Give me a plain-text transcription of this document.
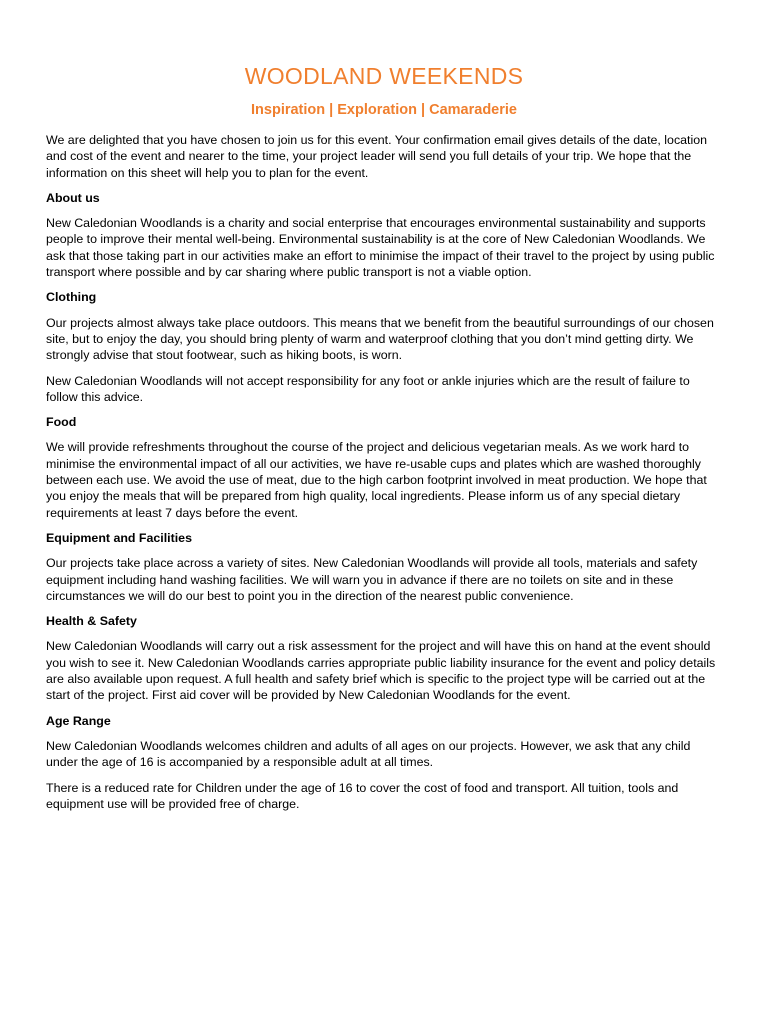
WOODLAND WEEKENDS
Inspiration | Exploration | Camaraderie

We are delighted that you have chosen to join us for this event. Your confirmation email gives details of the date, location and cost of the event and nearer to the time, your project leader will send you full details of your trip. We hope that the information on this sheet will help you to plan for the event.

About us

New Caledonian Woodlands is a charity and social enterprise that encourages environmental sustainability and supports people to improve their mental well-being. Environmental sustainability is at the core of New Caledonian Woodlands. We ask that those taking part in our activities make an effort to minimise the impact of their travel to the project by using public transport where possible and by car sharing where public transport is not a viable option.

Clothing

Our projects almost always take place outdoors. This means that we benefit from the beautiful surroundings of our chosen site, but to enjoy the day, you should bring plenty of warm and waterproof clothing that you don’t mind getting dirty. We strongly advise that stout footwear, such as hiking boots, is worn.

New Caledonian Woodlands will not accept responsibility for any foot or ankle injuries which are the result of failure to follow this advice.

Food

We will provide refreshments throughout the course of the project and delicious vegetarian meals. As we work hard to minimise the environmental impact of all our activities, we have re-usable cups and plates which are washed thoroughly between each use. We avoid the use of meat, due to the high carbon footprint involved in meat production. We hope that you enjoy the meals that will be prepared from high quality, local ingredients. Please inform us of any special dietary requirements at least 7 days before the event.

Equipment and Facilities

Our projects take place across a variety of sites. New Caledonian Woodlands will provide all tools, materials and safety equipment including hand washing facilities. We will warn you in advance if there are no toilets on site and in these circumstances we will do our best to point you in the direction of the nearest public convenience.

Health & Safety

New Caledonian Woodlands will carry out a risk assessment for the project and will have this on hand at the event should you wish to see it. New Caledonian Woodlands carries appropriate public liability insurance for the event and policy details are also available upon request. A full health and safety brief which is specific to the project type will be carried out at the start of the project. First aid cover will be provided by New Caledonian Woodlands for the event.

Age Range

New Caledonian Woodlands welcomes children and adults of all ages on our projects. However, we ask that any child under the age of 16 is accompanied by a responsible adult at all times.

There is a reduced rate for Children under the age of 16 to cover the cost of food and transport. All tuition, tools and equipment use will be provided free of charge.
